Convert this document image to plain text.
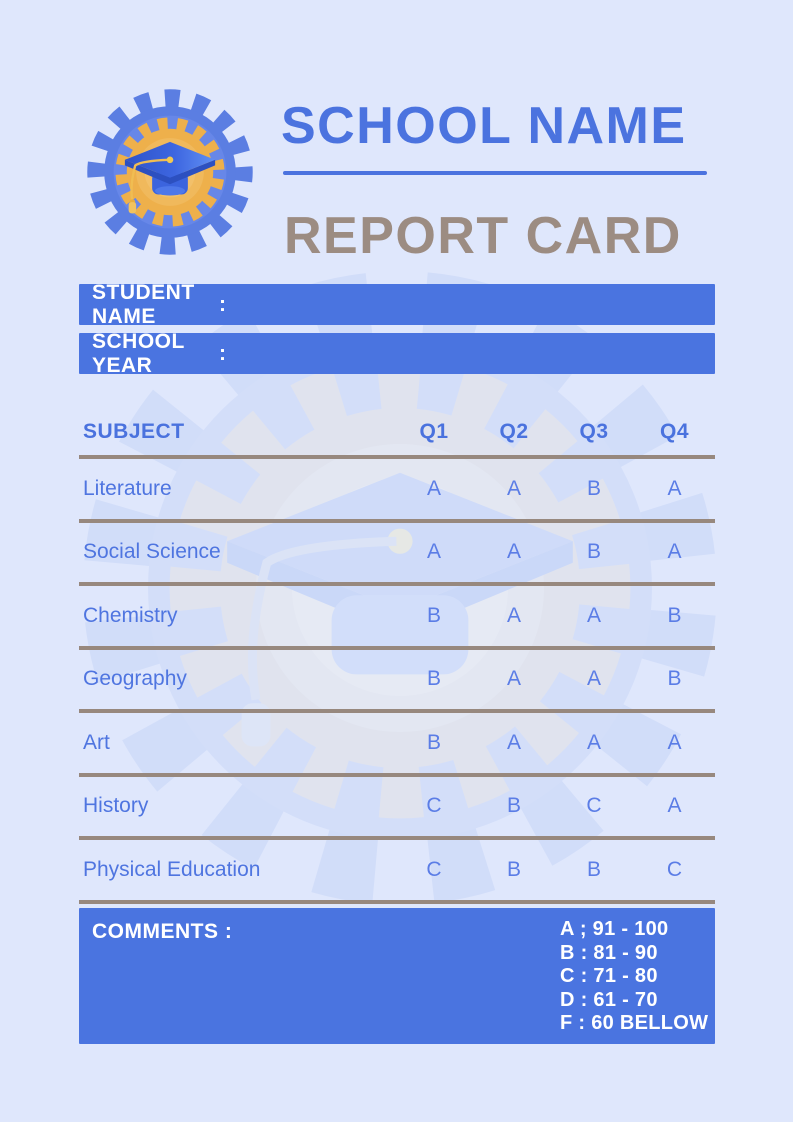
SCHOOL NAME
REPORT CARD
STUDENT NAME
:
SCHOOL YEAR
:
SUBJECT	Q1	Q2	Q3	Q4
Literature	A	A	B	A
Social Science	A	A	B	A
Chemistry	B	A	A	B
Geography	B	A	A	B
Art	B	A	A	A
History	C	B	C	A
Physical Education	C	B	B	C
COMMENTS :	A ; 91 - 100
B : 81 - 90
C : 71 - 80
D : 61 - 70
F : 60 BELLOW
